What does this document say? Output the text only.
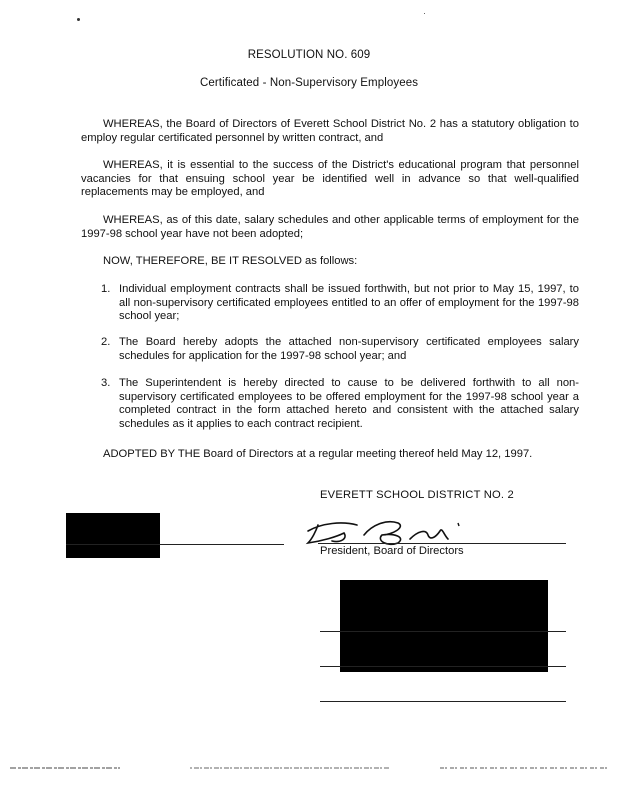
RESOLUTION NO. 609
Certificated - Non-Supervisory Employees
WHEREAS, the Board of Directors of Everett School District No. 2 has a statutory obligation to employ regular certificated personnel by written contract, and
WHEREAS, it is essential to the success of the District's educational program that personnel vacancies for that ensuing school year be identified well in advance so that well-qualified replacements may be employed, and
WHEREAS, as of this date, salary schedules and other applicable terms of employment for the 1997-98 school year have not been adopted;
NOW, THEREFORE, BE IT RESOLVED as follows:
1. Individual employment contracts shall be issued forthwith, but not prior to May 15, 1997, to all non-supervisory certificated employees entitled to an offer of employment for the 1997-98 school year;
2. The Board hereby adopts the attached non-supervisory certificated employees salary schedules for application for the 1997-98 school year; and
3. The Superintendent is hereby directed to cause to be delivered forthwith to all non-supervisory certificated employees to be offered employment for the 1997-98 school year a completed contract in the form attached hereto and consistent with the attached salary schedules as it applies to each contract recipient.
ADOPTED BY THE Board of Directors at a regular meeting thereof held May 12, 1997.
EVERETT SCHOOL DISTRICT NO. 2
President, Board of Directors
